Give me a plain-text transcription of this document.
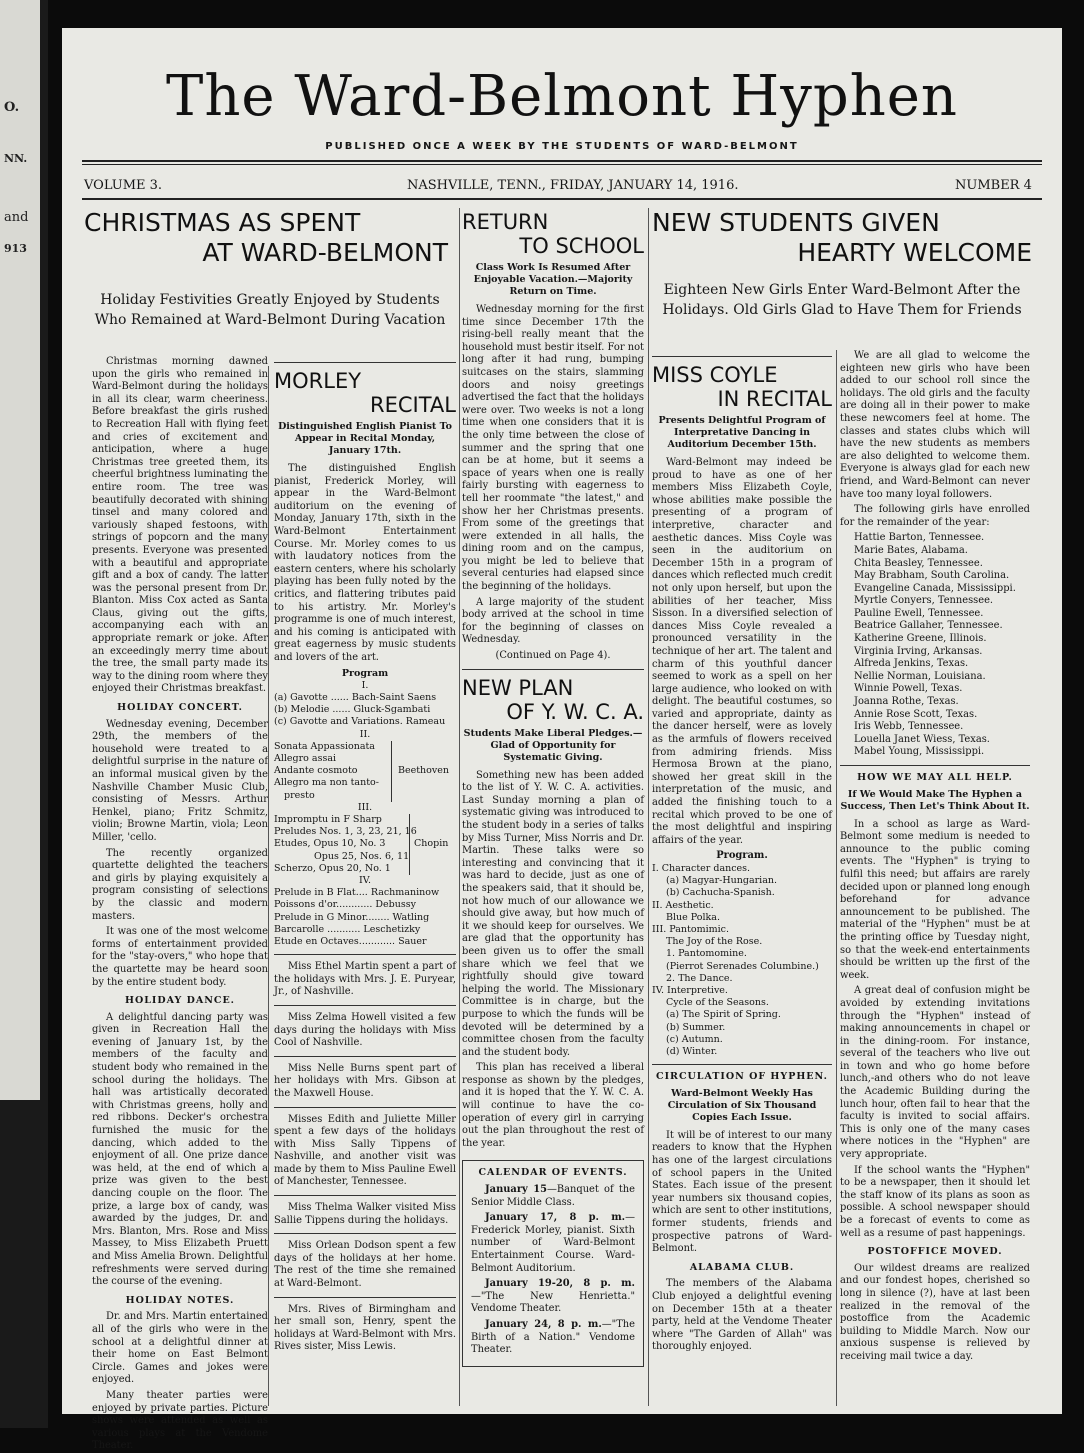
O.
NN.
and
913
The Ward-Belmont Hyphen
PUBLISHED ONCE A WEEK BY THE STUDENTS OF WARD-BELMONT
VOLUME 3.	NASHVILLE, TENN., FRIDAY, JANUARY 14, 1916.	NUMBER 4
CHRISTMAS AS SPENT
AT WARD-BELMONT
Holiday Festivities Greatly Enjoyed by Students Who Remained at Ward-Belmont During Vacation

Christmas morning dawned upon the girls who remained in Ward-Belmont during the holidays in all its clear, warm cheeriness. Before breakfast the girls rushed to Recreation Hall with flying feet and cries of excitement and anticipation, where a huge Christmas tree greeted them, its cheerful brightness luminating the entire room. The tree was beautifully decorated with shining tinsel and many colored and variously shaped festoons, with strings of popcorn and the many presents. Everyone was presented with a beautiful and appropriate gift and a box of candy. The latter was the personal present from Dr. Blanton. Miss Cox acted as Santa Claus, giving out the gifts, accompanying each with an appropriate remark or joke. After an exceedingly merry time about the tree, the small party made its way to the dining room where they enjoyed their Christmas breakfast.

HOLIDAY CONCERT.

Wednesday evening, December 29th, the members of the household were treated to a delightful surprise in the nature of an informal musical given by the Nashville Chamber Music Club, consisting of Messrs. Arthur Henkel, piano; Fritz Schmitz, violin; Browne Martin, viola; Leon Miller, 'cello.

The recently organized quartette delighted the teachers and girls by playing exquisitely a program consisting of selections by the classic and modern masters.

It was one of the most welcome forms of entertainment provided for the "stay-overs," who hope that the quartette may be heard soon by the entire student body.

HOLIDAY DANCE.

A delightful dancing party was given in Recreation Hall the evening of January 1st, by the members of the faculty and student body who remained in the school during the holidays. The hall was artistically decorated with Christmas greens, holly and red ribbons. Decker's orchestra furnished the music for the dancing, which added to the enjoyment of all. One prize dance was held, at the end of which a prize was given to the best dancing couple on the floor. The prize, a large box of candy, was awarded by the judges, Dr. and Mrs. Blanton, Mrs. Rose and Miss Massey, to Miss Elizabeth Pruett and Miss Amelia Brown. Delightful refreshments were served during the course of the evening.

HOLIDAY NOTES.

Dr. and Mrs. Martin entertained all of the girls who were in the school at a delightful dinner at their home on East Belmont Circle. Games and jokes were enjoyed.

Many theater parties were enjoyed by private parties. Picture shows were attended as well as various plays at the Vendome Theater.

MORLEY
RECITAL
Distinguished English Pianist To Appear in Recital Monday, January 17th.

The distinguished English pianist, Frederick Morley, will appear in the Ward-Belmont auditorium on the evening of Monday, January 17th, sixth in the Ward-Belmont Entertainment Course. Mr. Morley comes to us with laudatory notices from the eastern centers, where his scholarly playing has been fully noted by the critics, and flattering tributes paid to his artistry. Mr. Morley's programme is one of much interest, and his coming is anticipated with great eagerness by music students and lovers of the art.

Program
I.
(a) Gavotte ...... Bach-Saint Saens
(b) Melodie ...... Gluck-Sgambati
(c) Gavotte and Variations. Rameau
II.
Sonata Appassionata
Allegro assai
Andante cosmoto
Allegro ma non tanto-
presto
Beethoven
III.
Impromptu in F Sharp
Preludes Nos. 1, 3, 23, 21, 16
Etudes, Opus 10, No. 3
Opus 25, Nos. 6, 11
Scherzo, Opus 20, No. 1
Chopin
IV.
Prelude in B Flat.... Rachmaninow
Poissons d'or............ Debussy
Prelude in G Minor........ Watling
Barcarolle ........... Leschetizky
Etude en Octaves............ Sauer

Miss Ethel Martin spent a part of the holidays with Mrs. J. E. Puryear, Jr., of Nashville.

Miss Zelma Howell visited a few days during the holidays with Miss Cool of Nashville.

Miss Nelle Burns spent part of her holidays with Mrs. Gibson at the Maxwell House.

Misses Edith and Juliette Miller spent a few days of the holidays with Miss Sally Tippens of Nashville, and another visit was made by them to Miss Pauline Ewell of Manchester, Tennessee.

Miss Thelma Walker visited Miss Sallie Tippens during the holidays.

Miss Orlean Dodson spent a few days of the holidays at her home. The rest of the time she remained at Ward-Belmont.

Mrs. Rives of Birmingham and her small son, Henry, spent the holidays at Ward-Belmont with Mrs. Rives sister, Miss Lewis.

RETURN
TO SCHOOL
Class Work Is Resumed After Enjoyable Vacation.—Majority Return on Time.

Wednesday morning for the first time since December 17th the rising-bell really meant that the household must bestir itself. For not long after it had rung, bumping suitcases on the stairs, slamming doors and noisy greetings advertised the fact that the holidays were over. Two weeks is not a long time when one considers that it is the only time between the close of summer and the spring that one can be at home, but it seems a space of years when one is really fairly bursting with eagerness to tell her roommate "the latest," and show her her Christmas presents. From some of the greetings that were extended in all halls, the dining room and on the campus, you might be led to believe that several centuries had elapsed since the beginning of the holidays.

A large majority of the student body arrived at the school in time for the beginning of classes on Wednesday.

(Continued on Page 4).
NEW PLAN
OF Y. W. C. A.
Students Make Liberal Pledges.—Glad of Opportunity for Systematic Giving.

Something new has been added to the list of Y. W. C. A. activities. Last Sunday morning a plan of systematic giving was introduced to the student body in a series of talks by Miss Turner, Miss Norris and Dr. Martin. These talks were so interesting and convincing that it was hard to decide, just as one of the speakers said, that it should be, not how much of our allowance we should give away, but how much of it we should keep for ourselves. We are glad that the opportunity has been given us to offer the small share which we feel that we rightfully should give toward helping the world. The Missionary Committee is in charge, but the purpose to which the funds will be devoted will be determined by a committee chosen from the faculty and the student body.

This plan has received a liberal response as shown by the pledges, and it is hoped that the Y. W. C. A. will continue to have the co-operation of every girl in carrying out the plan throughout the rest of the year.

CALENDAR OF EVENTS.

January 15—Banquet of the Senior Middle Class.

January 17, 8 p. m.—Frederick Morley, pianist. Sixth number of Ward-Belmont Entertainment Course. Ward-Belmont Auditorium.

January 19-20, 8 p. m.—"The New Henrietta." Vendome Theater.

January 24, 8 p. m.—"The Birth of a Nation." Vendome Theater.

NEW STUDENTS GIVEN
HEARTY WELCOME
Eighteen New Girls Enter Ward-Belmont After the Holidays. Old Girls Glad to Have Them for Friends
MISS COYLE
IN RECITAL
Presents Delightful Program of Interpretative Dancing in Auditorium December 15th.

Ward-Belmont may indeed be proud to have as one of her members Miss Elizabeth Coyle, whose abilities make possible the presenting of a program of interpretive, character and aesthetic dances. Miss Coyle was seen in the auditorium on December 15th in a program of dances which reflected much credit not only upon herself, but upon the abilities of her teacher, Miss Sisson. In a diversified selection of dances Miss Coyle revealed a pronounced versatility in the technique of her art. The talent and charm of this youthful dancer seemed to work as a spell on her large audience, who looked on with delight. The beautiful costumes, so varied and appropriate, dainty as the dancer herself, were as lovely as the armfuls of flowers received from admiring friends. Miss Hermosa Brown at the piano, showed her great skill in the interpretation of the music, and added the finishing touch to a recital which proved to be one of the most delightful and inspiring affairs of the year.

Program.
I. Character dances.
(a) Magyar-Hungarian.
(b) Cachucha-Spanish.
II. Aesthetic.
Blue Polka.
III. Pantomimic.
The Joy of the Rose.
1. Pantomomine.
(Pierrot Serenades Columbine.)
2. The Dance.
IV. Interpretive.
Cycle of the Seasons.
(a) The Spirit of Spring.
(b) Summer.
(c) Autumn.
(d) Winter.
CIRCULATION OF HYPHEN.
Ward-Belmont Weekly Has Circulation of Six Thousand Copies Each Issue.

It will be of interest to our many readers to know that the Hyphen has one of the largest circulations of school papers in the United States. Each issue of the present year numbers six thousand copies, which are sent to other institutions, former students, friends and prospective patrons of Ward-Belmont.

ALABAMA CLUB.

The members of the Alabama Club enjoyed a delightful evening on December 15th at a theater party, held at the Vendome Theater where "The Garden of Allah" was thoroughly enjoyed.

We are all glad to welcome the eighteen new girls who have been added to our school roll since the holidays. The old girls and the faculty are doing all in their power to make these newcomers feel at home. The classes and states clubs which will have the new students as members are also delighted to welcome them. Everyone is always glad for each new friend, and Ward-Belmont can never have too many loyal followers.

The following girls have enrolled for the remainder of the year:

Hattie Barton, Tennessee.
Marie Bates, Alabama.
Chita Beasley, Tennessee.
May Brabham, South Carolina.
Evangeline Canada, Mississippi.
Myrtle Conyers, Tennessee.
Pauline Ewell, Tennessee.
Beatrice Gallaher, Tennessee.
Katherine Greene, Illinois.
Virginia Irving, Arkansas.
Alfreda Jenkins, Texas.
Nellie Norman, Louisiana.
Winnie Powell, Texas.
Joanna Rothe, Texas.
Annie Rose Scott, Texas.
Iris Webb, Tennessee.
Louella Janet Wiess, Texas.
Mabel Young, Mississippi.
HOW WE MAY ALL HELP.
If We Would Make The Hyphen a Success, Then Let's Think About It.

In a school as large as Ward-Belmont some medium is needed to announce to the public coming events. The "Hyphen" is trying to fulfil this need; but affairs are rarely decided upon or planned long enough beforehand for advance announcement to be published. The material of the "Hyphen" must be at the printing office by Tuesday night, so that the week-end entertainments should be written up the first of the week.

A great deal of confusion might be avoided by extending invitations through the "Hyphen" instead of making announcements in chapel or in the dining-room. For instance, several of the teachers who live out in town and who go home before lunch,-and others who do not leave the Academic Building during the lunch hour, often fail to hear that the faculty is invited to social affairs. This is only one of the many cases where notices in the "Hyphen" are very appropriate.

If the school wants the "Hyphen" to be a newspaper, then it should let the staff know of its plans as soon as possible. A school newspaper should be a forecast of events to come as well as a resume of past happenings.

POSTOFFICE MOVED.

Our wildest dreams are realized and our fondest hopes, cherished so long in silence (?), have at last been realized in the removal of the postoffice from the Academic building to Middle March. Now our anxious suspense is relieved by receiving mail twice a day.
